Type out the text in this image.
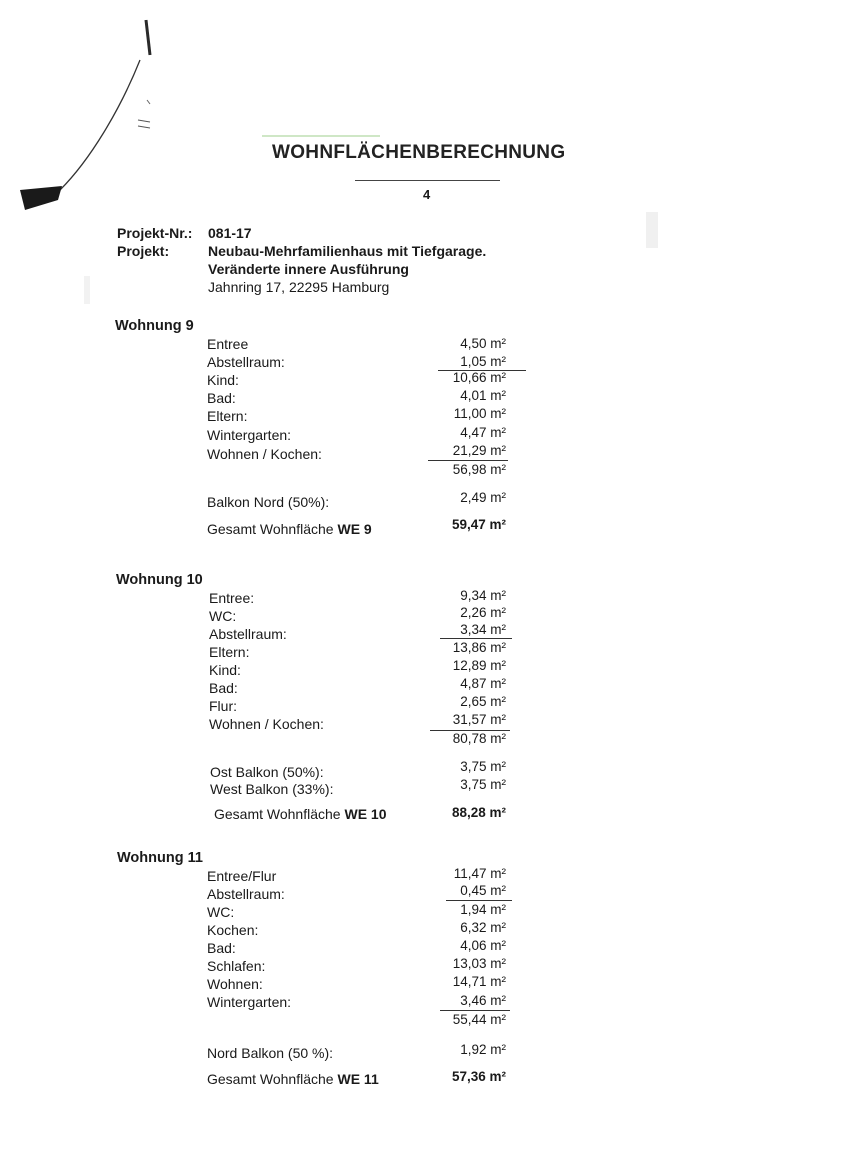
WOHNFLÄCHENBERECHNUNG
4
Projekt-Nr.: 081-17
Projekt:	Neubau-Mehrfamilienhaus mit Tiefgarage.
Veränderte innere Ausführung
Jahnring 17, 22295 Hamburg
Wohnung 9
Entree	4,50 m²
Abstellraum:	1,05 m²
Kind:	10,66 m²
Bad:	4,01 m²
Eltern:	11,00 m²
Wintergarten:	4,47 m²
Wohnen / Kochen:	21,29 m²
56,98 m²
Balkon Nord (50%):	2,49 m²
Gesamt Wohnfläche WE 9	59,47 m²
Wohnung 10
Entree:	9,34 m²
WC:	2,26 m²
Abstellraum:	3,34 m²
Eltern:	13,86 m²
Kind:	12,89 m²
Bad:	4,87 m²
Flur:	2,65 m²
Wohnen / Kochen:	31,57 m²
80,78 m²
Ost Balkon (50%):	3,75 m²
West Balkon (33%):	3,75 m²
Gesamt Wohnfläche WE 10	88,28 m²
Wohnung 11
Entree/Flur	11,47 m²
Abstellraum:	0,45 m²
WC:	1,94 m²
Kochen:	6,32 m²
Bad:	4,06 m²
Schlafen:	13,03 m²
Wohnen:	14,71 m²
Wintergarten:	3,46 m²
55,44 m²
Nord Balkon (50 %):	1,92 m²
Gesamt Wohnfläche WE 11	57,36 m²
